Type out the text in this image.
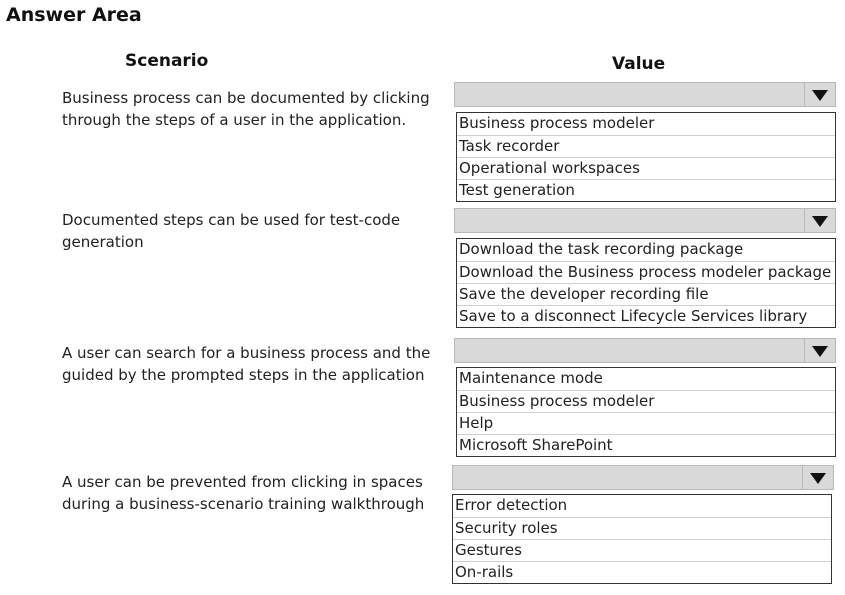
Answer Area
Scenario	Value
Business process can be documented by clicking
through the steps of a user in the application.	Business process modeler
Task recorder
Operational workspaces
Test generation
Documented steps can be used for test-code
generation	Download the task recording package
Download the Business process modeler package
Save the developer recording file
Save to a disconnect Lifecycle Services library
A user can search for a business process and the
guided by the prompted steps in the application	Maintenance mode
Business process modeler
Help
Microsoft SharePoint
A user can be prevented from clicking in spaces
during a business-scenario training walkthrough	Error detection
Security roles
Gestures
On-rails
